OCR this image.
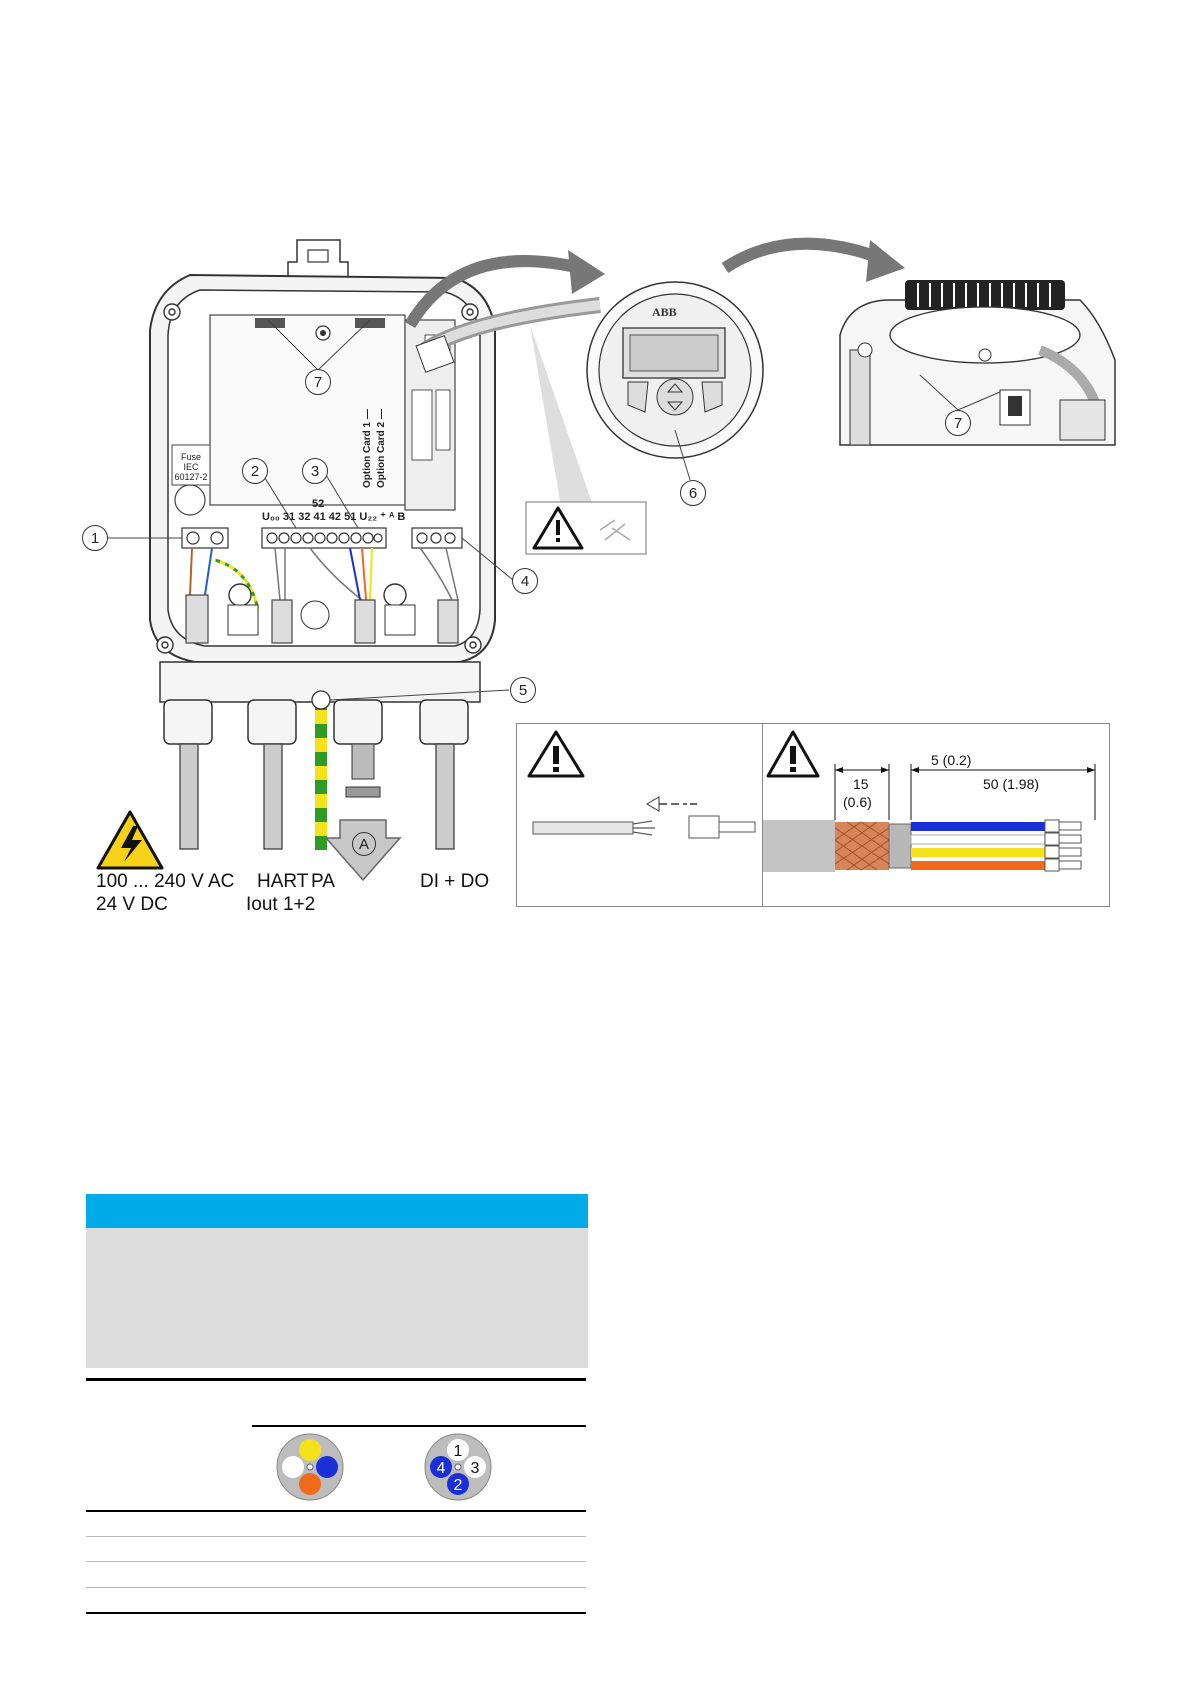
ABB
Fuse
IEC
60127-2
52
U₀₀ 31 32 41 42 51 U₂₂ ⁺ ᴬ B
Option Card 1 — Option Card 2 —
1
2	3
4
5
6
7
7
A
100 ... 240 V AC
24 V DC
HART PA
Iout 1+2
DI + DO
15
(0.6)
5 (0.2)
50 (1.98)
1
2
3
4
